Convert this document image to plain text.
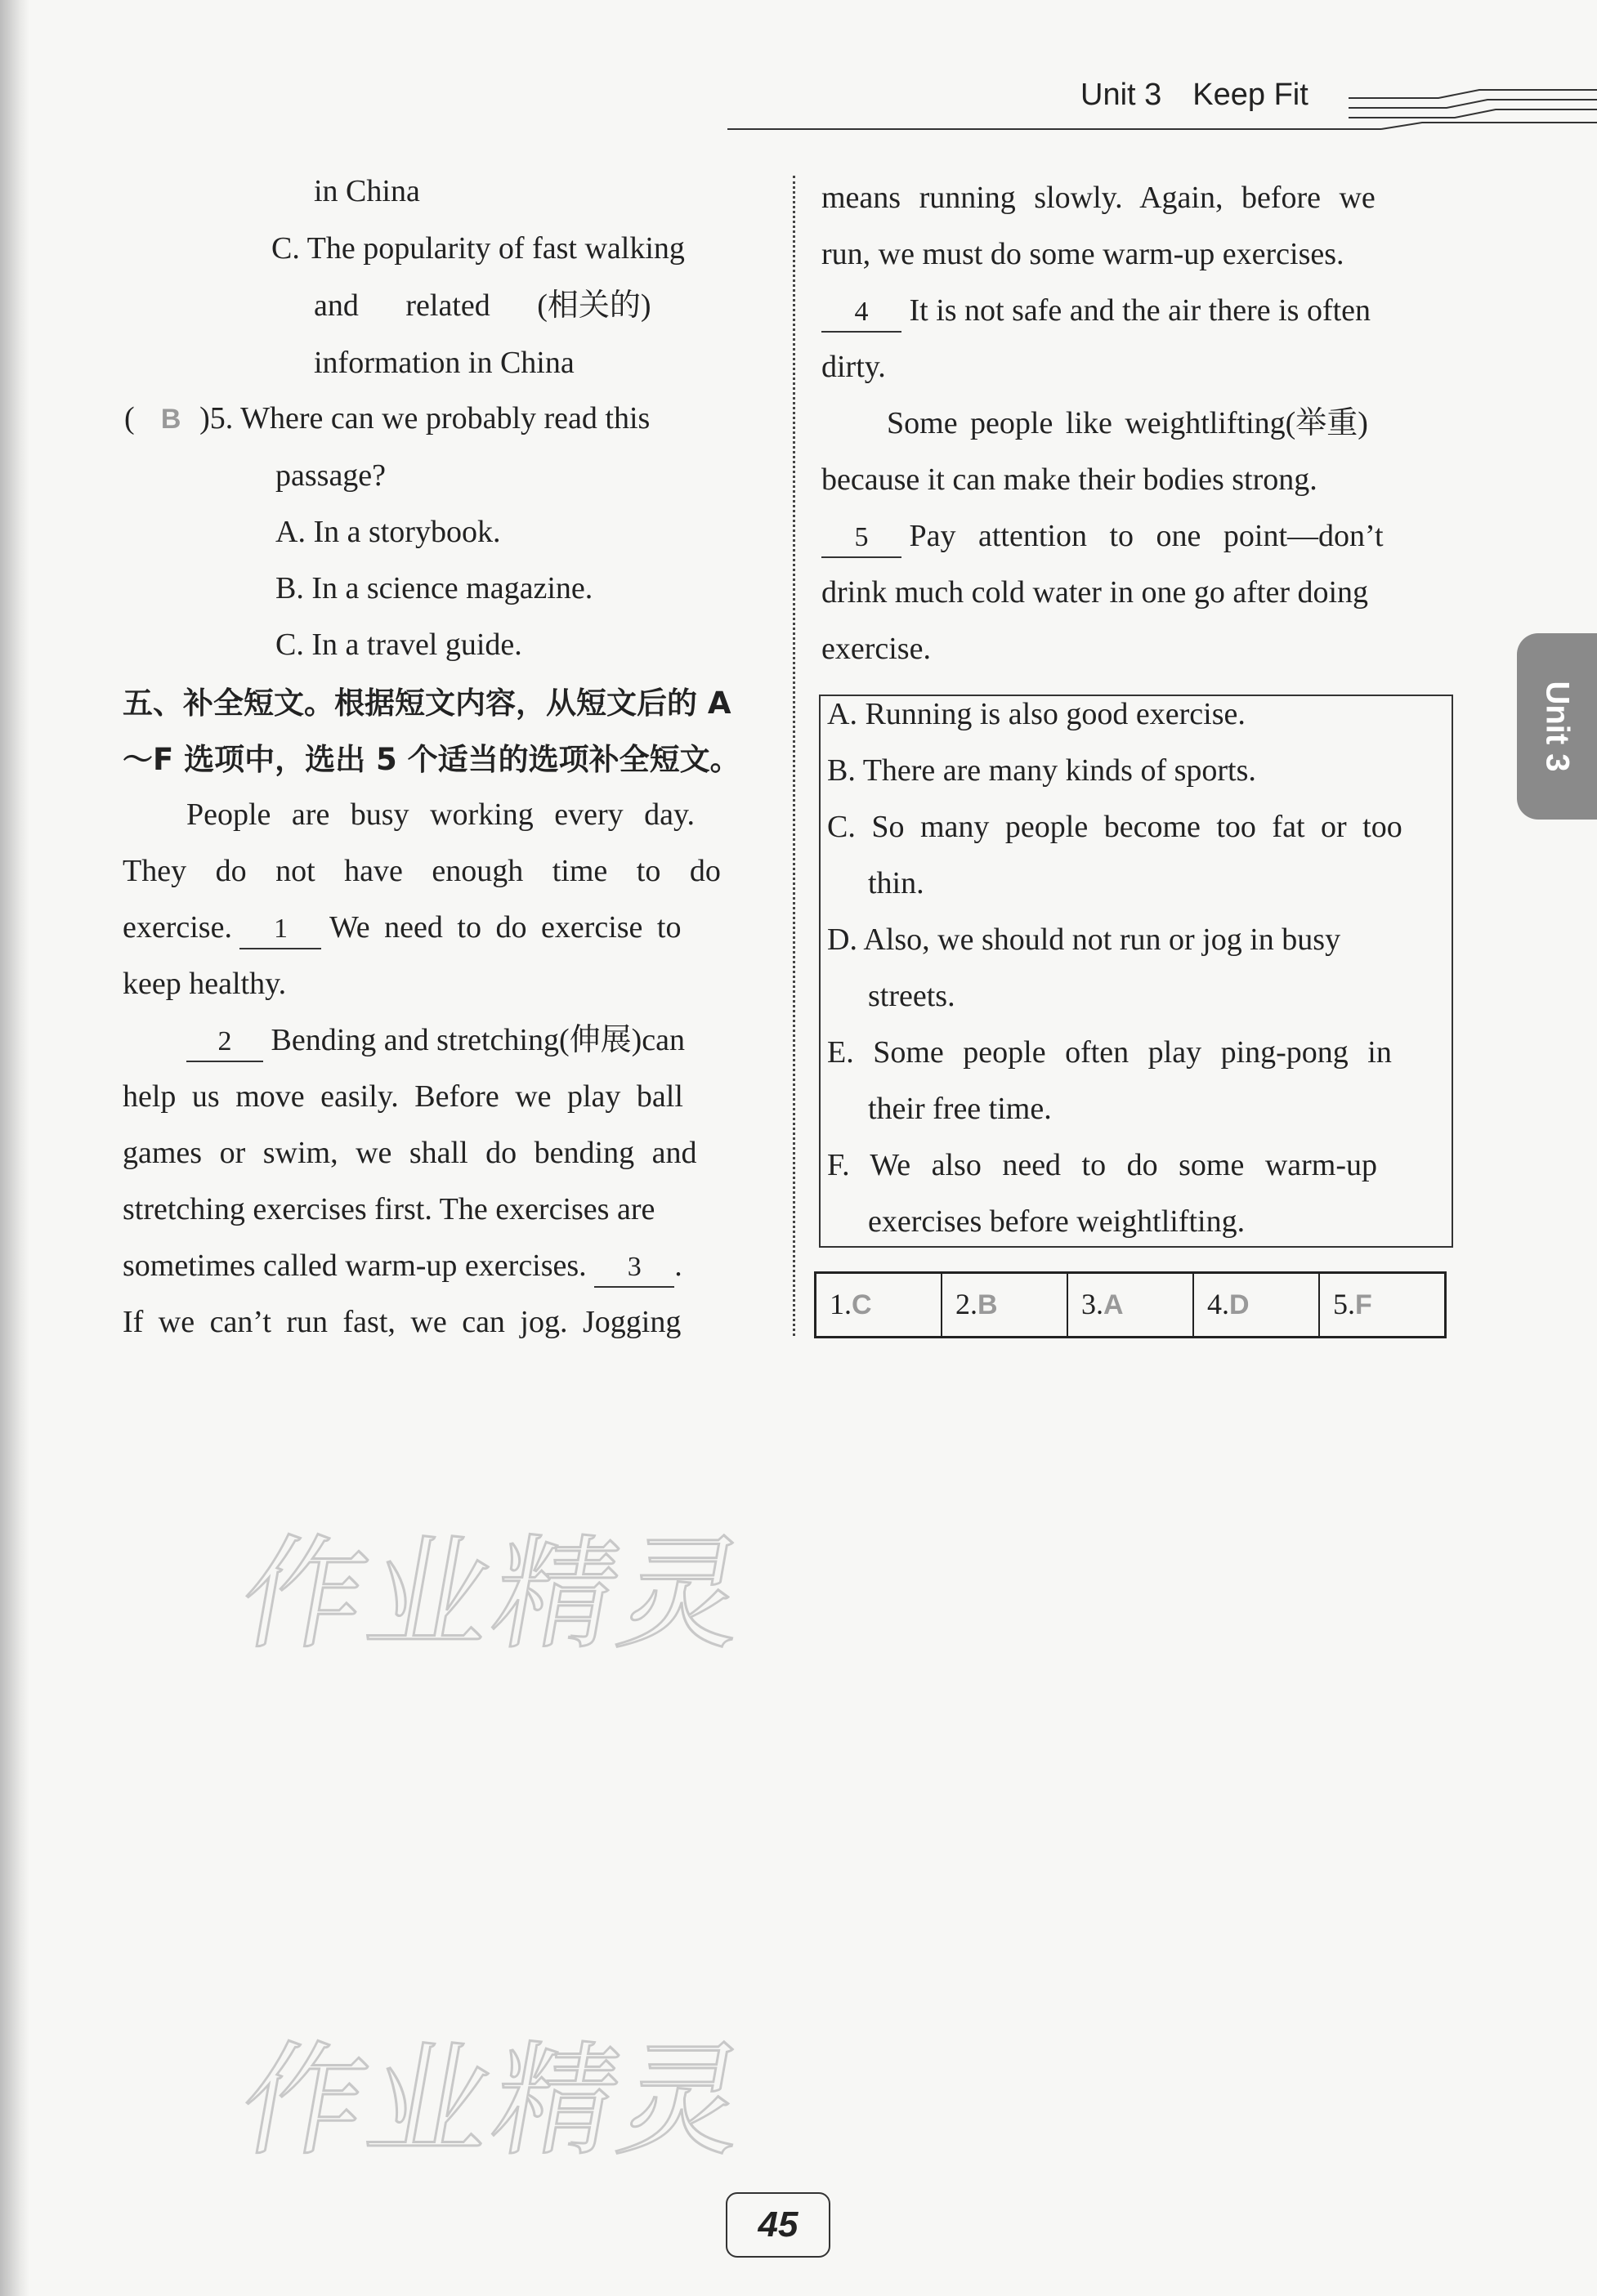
Unit 3 Keep Fit
in China
C. The popularity of fast walking
and related (相关的)
information in China
( B )5. Where can we probably read this
passage?
A. In a storybook.
B. In a science magazine.
C. In a travel guide.
五、补全短文。根据短文内容，从短文后的 A
～F 选项中，选出 5 个适当的选项补全短文。
People are busy working every day.
They do not have enough time to do
exercise. 1 We need to do exercise to
keep healthy.
2 Bending and stretching(伸展)can
help us move easily. Before we play ball
games or swim, we shall do bending and
stretching exercises first. The exercises are
sometimes called warm-up exercises. 3 .
If we can’t run fast, we can jog. Jogging
means running slowly. Again, before we
run, we must do some warm-up exercises.
4 It is not safe and the air there is often
dirty.
Some people like weightlifting(举重)
because it can make their bodies strong.
5 Pay attention to one point—don’t
drink much cold water in one go after doing
exercise.
A. Running is also good exercise.
B. There are many kinds of sports.
C. So many people become too fat or too
thin.
D. Also, we should not run or jog in busy
streets.
E. Some people often play ping-pong in
their free time.
F. We also need to do some warm-up
exercises before weightlifting.
1.C	2.B	3.A	4.D	5.F
Unit 3
作业精灵
作业精灵
45
